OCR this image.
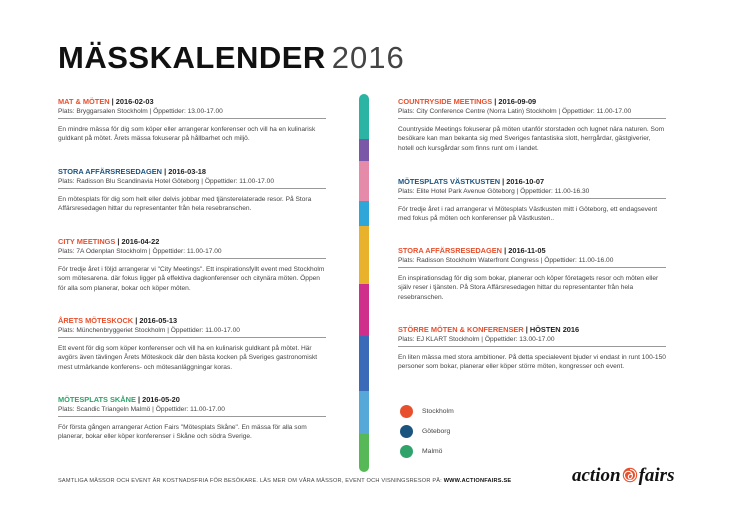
MÄSSKALENDER 2016
MAT & MÖTEN | 2016-02-03
Plats: Bryggarsalen Stockholm | Öppettider: 13.00-17.00
En mindre mässa för dig som köper eller arrangerar konferenser och vill ha en kulinarisk guldkant på mötet. Årets mässa fokuserar på hållbarhet och miljö.
STORA AFFÄRSRESEDAGEN | 2016-03-18
Plats: Radisson Blu Scandinavia Hotel Göteborg | Öppettider: 11.00-17.00
En mötesplats för dig som helt eller delvis jobbar med tjänsterelaterade resor. På Stora Affärsresedagen hittar du representanter från hela resebranschen.
CITY MEETINGS | 2016-04-22
Plats: 7A Odenplan Stockholm | Öppettider: 11.00-17.00
För tredje året i följd arrangerar vi "City Meetings". Ett inspirationsfyllt event med Stockholm som mötesarena. där fokus ligger på effektiva dagkonferenser och citynära möten. Öppen för alla som planerar, bokar och köper möten.
ÅRETS MÖTESKOCK | 2016-05-13
Plats: Münchenbryggeriet Stockholm | Öppettider: 11.00-17.00
Ett event för dig som köper konferenser och vill ha en kulinarisk guldkant på mötet. Här avgörs även tävlingen Årets Möteskock där den bästa kocken på Sveriges gastronomiskt mest utmärkande konferens- och mötesanläggningar koras.
MÖTESPLATS SKÅNE | 2016-05-20
Plats: Scandic Triangeln Malmö | Öppettider: 11.00-17.00
För första gången arrangerar Action Fairs "Mötesplats Skåne". En mässa för alla som planerar, bokar eller köper konferenser i Skåne och södra Sverige.
COUNTRYSIDE MEETINGS | 2016-09-09
Plats: City Conference Centre (Norra Latin) Stockholm | Öppettider: 11.00-17.00
Countryside Meetings fokuserar på möten utanför storstaden och lugnet nära naturen. Som besökare kan man bekanta sig med Sveriges fantastiska slott, herrgårdar, gästgiverier, hotell och kursgårdar som finns runt om i landet.
MÖTESPLATS VÄSTKUSTEN | 2016-10-07
Plats: Elite Hotel Park Avenue Göteborg | Öppettider: 11.00-16.30
För tredje året i rad arrangerar vi Mötesplats Västkusten mitt i Göteborg, ett endagsevent med fokus på möten och konferenser på Västkusten..
STORA AFFÄRSRESEDAGEN | 2016-11-05
Plats: Radisson Stockholm Waterfront Congress | Öppettider: 11.00-16.00
En inspirationsdag för dig som bokar, planerar och köper företagets resor och möten eller själv reser i tjänsten. På Stora Affärsresedagen hittar du representanter från hela resebranschen.
STÖRRE MÖTEN & KONFERENSER | HÖSTEN 2016
Plats: EJ KLART Stockholm | Öppettider: 13.00-17.00
En liten mässa med stora ambitioner. På detta specialevent bjuder vi endast in runt 100-150 personer som bokar, planerar eller köper större möten, kongresser och event.
Stockholm
Göteborg
Malmö
SAMTLIGA MÄSSOR OCH EVENT ÄR KOSTNADSFRIA FÖR BESÖKARE. LÄS MER OM VÅRA MÄSSOR, EVENT OCH VISNINGSRESOR PÅ: WWW.ACTIONFAIRS.SE	action fairs
